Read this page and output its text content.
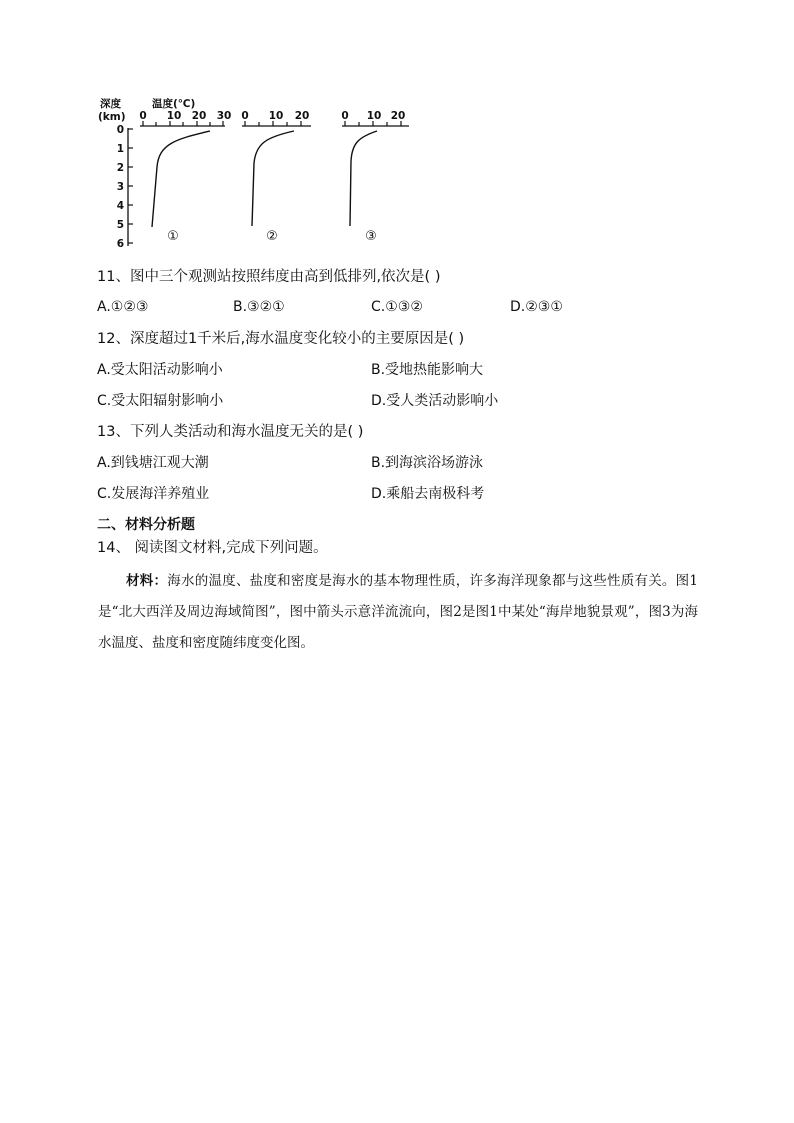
深度
(km)
温度(℃)
0
1
2
3
4
5
6
0 10 20 30 0 10 20	0 10 20
①	②	③
11、图中三个观测站按照纬度由高到低排列,依次是( )
A.①②③	B.③②①	C.①③②	D.②③①
12、深度超过1千米后,海水温度变化较小的主要原因是( )
A.受太阳活动影响小	B.受地热能影响大
C.受太阳辐射影响小	D.受人类活动影响小
13、下列人类活动和海水温度无关的是( )
A.到钱塘江观大潮	B.到海滨浴场游泳
C.发展海洋养殖业	D.乘船去南极科考
二、材料分析题
14、 阅读图文材料,完成下列问题。
材料：海水的温度、盐度和密度是海水的基本物理性质，许多海洋现象都与这些性质有关。图1是“北大西洋及周边海域简图”，图中箭头示意洋流流向，图2是图1中某处“海岸地貌景观”，图3为海水温度、盐度和密度随纬度变化图。
